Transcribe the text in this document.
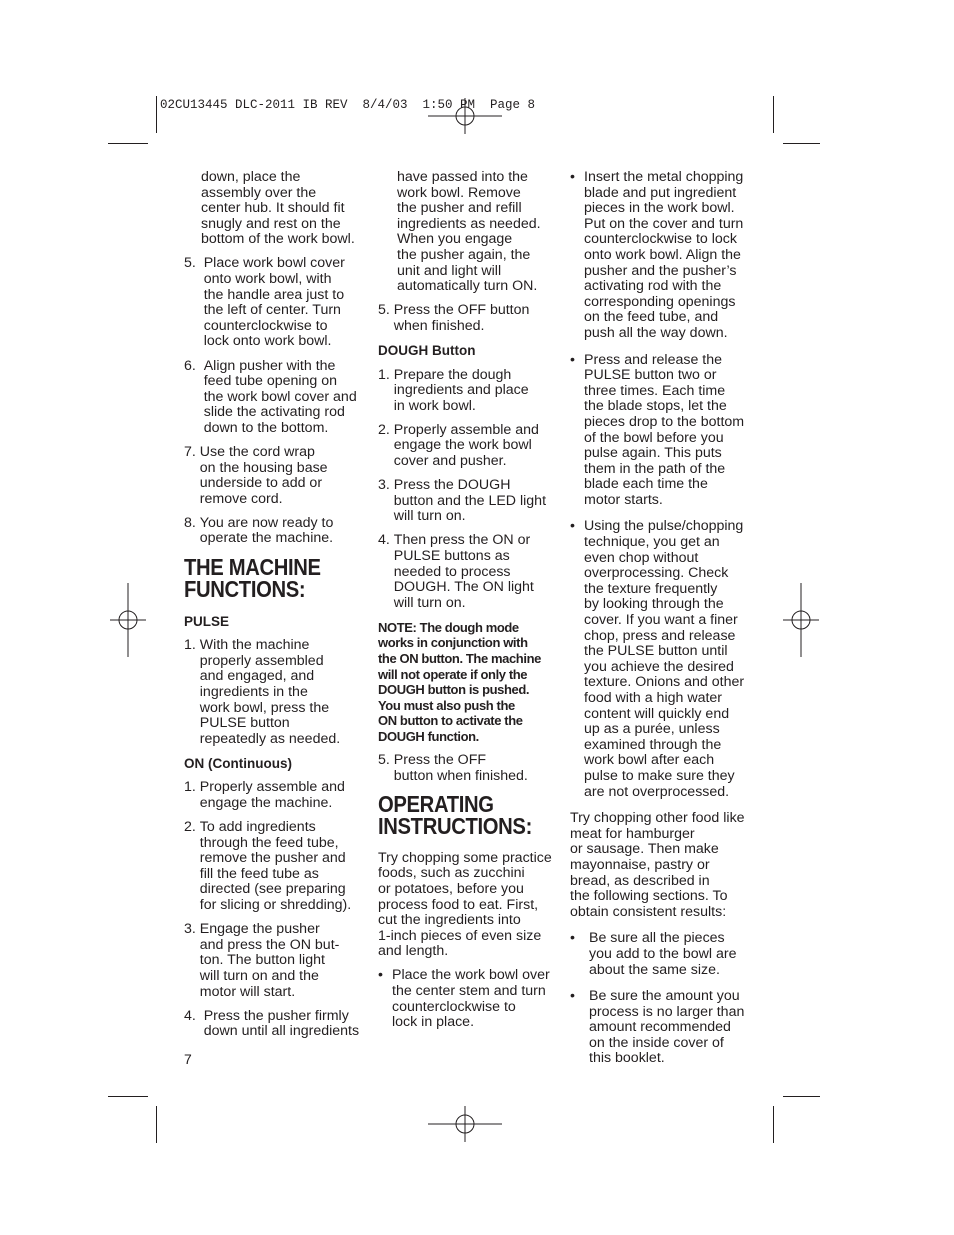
02CU13445 DLC-2011 IB REV  8/4/03  1:50 PM  Page 8
down, place the
assembly over the
center hub. It should fit
snugly and rest on the
bottom of the work bowl.
5. Place work bowl cover
onto work bowl, with
the handle area just to
the left of center. Turn
counterclockwise to
lock onto work bowl.
6. Align pusher with the
feed tube opening on
the work bowl cover and
slide the activating rod
down to the bottom.
7. Use the cord wrap
on the housing base
underside to add or
remove cord.
8. You are now ready to
operate the machine.
THE MACHINE
FUNCTIONS:
PULSE
1. With the machine
properly assembled
and engaged, and
ingredients in the
work bowl, press the
PULSE button
repeatedly as needed.
ON (Continuous)
1. Properly assemble and
engage the machine.
2. To add ingredients
through the feed tube,
remove the pusher and
fill the feed tube as
directed (see preparing
for slicing or shredding).
3. Engage the pusher
and press the ON but-
ton. The button light
will turn on and the
motor will start.
4. Press the pusher firmly
down until all ingredients
have passed into the
work bowl. Remove
the pusher and refill
ingredients as needed.
When you engage
the pusher again, the
unit and light will
automatically turn ON.
5. Press the OFF button
when finished.
DOUGH Button
1. Prepare the dough
ingredients and place
in work bowl.
2. Properly assemble and
engage the work bowl
cover and pusher.
3. Press the DOUGH
button and the LED light
will turn on.
4. Then press the ON or
PULSE buttons as
needed to process
DOUGH. The ON light
will turn on.
NOTE: The dough mode
works in conjunction with
the ON button. The machine
will not operate if only the
DOUGH button is pushed.
You must also push the
ON button to activate the
DOUGH function.
5. Press the OFF
button when finished.
OPERATING
INSTRUCTIONS:
Try chopping some practice
foods, such as zucchini
or potatoes, before you
process food to eat. First,
cut the ingredients into
1-inch pieces of even size
and length.
• Place the work bowl over
the center stem and turn
counterclockwise to
lock in place.
• Insert the metal chopping
blade and put ingredient
pieces in the work bowl.
Put on the cover and turn
counterclockwise to lock
onto work bowl. Align the
pusher and the pusher’s
activating rod with the
corresponding openings
on the feed tube, and
push all the way down.
• Press and release the
PULSE button two or
three times. Each time
the blade stops, let the
pieces drop to the bottom
of the bowl before you
pulse again. This puts
them in the path of the
blade each time the
motor starts.
• Using the pulse/chopping
technique, you get an
even chop without
overprocessing. Check
the texture frequently
by looking through the
cover. If you want a finer
chop, press and release
the PULSE button until
you achieve the desired
texture. Onions and other
food with a high water
content will quickly end
up as a purée, unless
examined through the
work bowl after each
pulse to make sure they
are not overprocessed.
Try chopping other food like
meat for hamburger
or sausage. Then make
mayonnaise, pastry or
bread, as described in
the following sections. To
obtain consistent results:
• Be sure all the pieces
you add to the bowl are
about the same size.
• Be sure the amount you
process is no larger than
amount recommended
on the inside cover of
this booklet.
7
